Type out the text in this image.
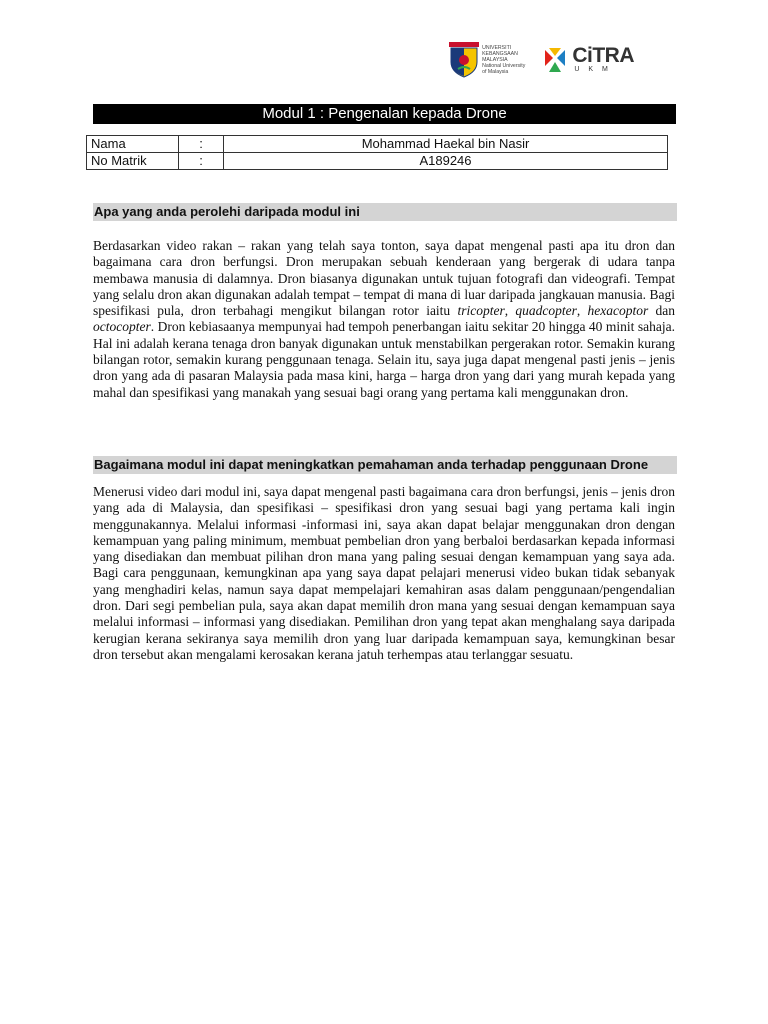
UNIVERSITI
KEBANGSAAN
MALAYSIA
National University
of Malaysia
CiTRA
UKM
Modul 1 : Pengenalan kepada Drone
Nama	:	Mohammad Haekal bin Nasir
No Matrik	:	A189246
Apa yang anda perolehi daripada modul ini

Berdasarkan video rakan – rakan yang telah saya tonton, saya dapat mengenal pasti apa itu dron dan bagaimana cara dron berfungsi. Dron merupakan sebuah kenderaan yang bergerak di udara tanpa membawa manusia di dalamnya. Dron biasanya digunakan untuk tujuan fotografi dan videografi. Tempat yang selalu dron akan digunakan adalah tempat – tempat di mana di luar daripada jangkauan manusia. Bagi spesifikasi pula, dron terbahagi mengikut bilangan rotor iaitu tricopter, quadcopter, hexacoptor dan octocopter. Dron kebiasaanya mempunyai had tempoh penerbangan iaitu sekitar 20 hingga 40 minit sahaja. Hal ini adalah kerana tenaga dron banyak digunakan untuk menstabilkan pergerakan rotor. Semakin kurang bilangan rotor, semakin kurang penggunaan tenaga. Selain itu, saya juga dapat mengenal pasti jenis – jenis dron yang ada di pasaran Malaysia pada masa kini, harga – harga dron yang dari yang murah kepada yang mahal dan spesifikasi yang manakah yang sesuai bagi orang yang pertama kali menggunakan dron.

Bagaimana modul ini dapat meningkatkan pemahaman anda terhadap penggunaan Drone

Menerusi video dari modul ini, saya dapat mengenal pasti bagaimana cara dron berfungsi, jenis – jenis dron yang ada di Malaysia, dan spesifikasi – spesifikasi dron yang sesuai bagi yang pertama kali ingin menggunakannya. Melalui informasi -informasi ini, saya akan dapat belajar menggunakan dron dengan kemampuan yang paling minimum, membuat pembelian dron yang berbaloi berdasarkan kepada informasi yang disediakan dan membuat pilihan dron mana yang paling sesuai dengan kemampuan yang saya ada. Bagi cara penggunaan, kemungkinan apa yang saya dapat pelajari menerusi video bukan tidak sebanyak yang menghadiri kelas, namun saya dapat mempelajari kemahiran asas dalam penggunaan/pengendalian dron. Dari segi pembelian pula, saya akan dapat memilih dron mana yang sesuai dengan kemampuan saya melalui informasi – informasi yang disediakan. Pemilihan dron yang tepat akan menghalang saya daripada kerugian kerana sekiranya saya memilih dron yang luar daripada kemampuan saya, kemungkinan besar dron tersebut akan mengalami kerosakan kerana jatuh terhempas atau terlanggar sesuatu.
